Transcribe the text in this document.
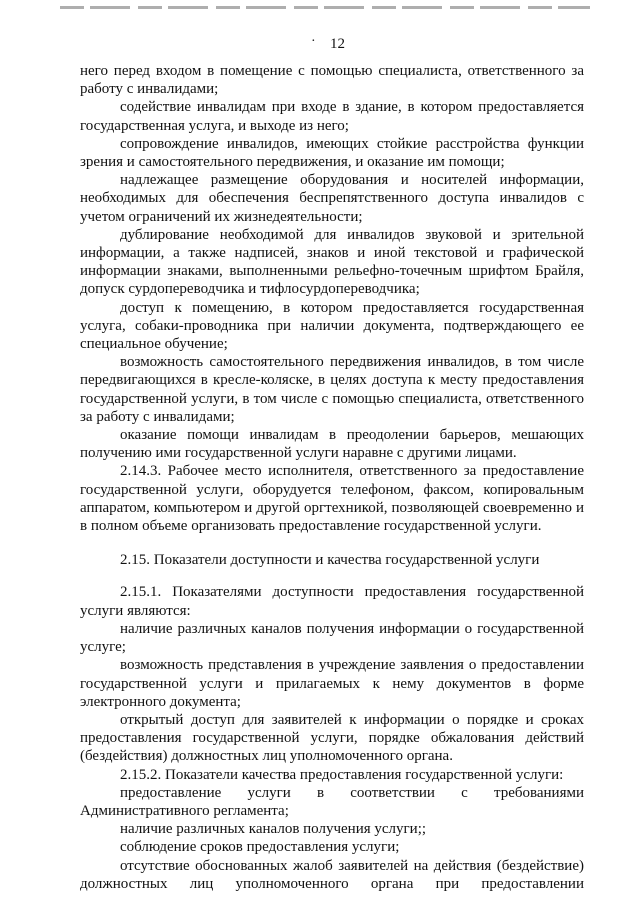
· 12

него перед входом в помещение с помощью специалиста, ответственного за работу с инвалидами;

содействие инвалидам при входе в здание, в котором предоставляется государственная услуга, и выходе из него;

сопровождение инвалидов, имеющих стойкие расстройства функции зрения и самостоятельного передвижения, и оказание им помощи;

надлежащее размещение оборудования и носителей информации, необходимых для обеспечения беспрепятственного доступа инвалидов с учетом ограничений их жизнедеятельности;

дублирование необходимой для инвалидов звуковой и зрительной информации, а также надписей, знаков и иной текстовой и графической информации знаками, выполненными рельефно-точечным шрифтом Брайля, допуск сурдопереводчика и тифлосурдопереводчика;

доступ к помещению, в котором предоставляется государственная услуга, собаки-проводника при наличии документа, подтверждающего ее специальное обучение;

возможность самостоятельного передвижения инвалидов, в том числе передвигающихся в кресле-коляске, в целях доступа к месту предоставления государственной услуги, в том числе с помощью специалиста, ответственного за работу с инвалидами;

оказание помощи инвалидам в преодолении барьеров, мешающих получению ими государственной услуги наравне с другими лицами.

2.14.3. Рабочее место исполнителя, ответственного за предоставление государственной услуги, оборудуется телефоном, факсом, копировальным аппаратом, компьютером и другой оргтехникой, позволяющей своевременно и в полном объеме организовать предоставление государственной услуги.

2.15. Показатели доступности и качества государственной услуги

2.15.1. Показателями доступности предоставления государственной услуги являются:

наличие различных каналов получения информации о государственной услуге;

возможность представления в учреждение заявления о предоставлении государственной услуги и прилагаемых к нему документов в форме электронного документа;

открытый доступ для заявителей к информации о порядке и сроках предоставления государственной услуги, порядке обжалования действий (бездействия) должностных лиц уполномоченного органа.

2.15.2. Показатели качества предоставления государственной услуги:

предоставление услуги в соответствии с требованиями Административного регламента;

наличие различных каналов получения услуги;;

соблюдение сроков предоставления услуги;

отсутствие обоснованных жалоб заявителей на действия (бездействие) должностных лиц уполномоченного органа при предоставлении
